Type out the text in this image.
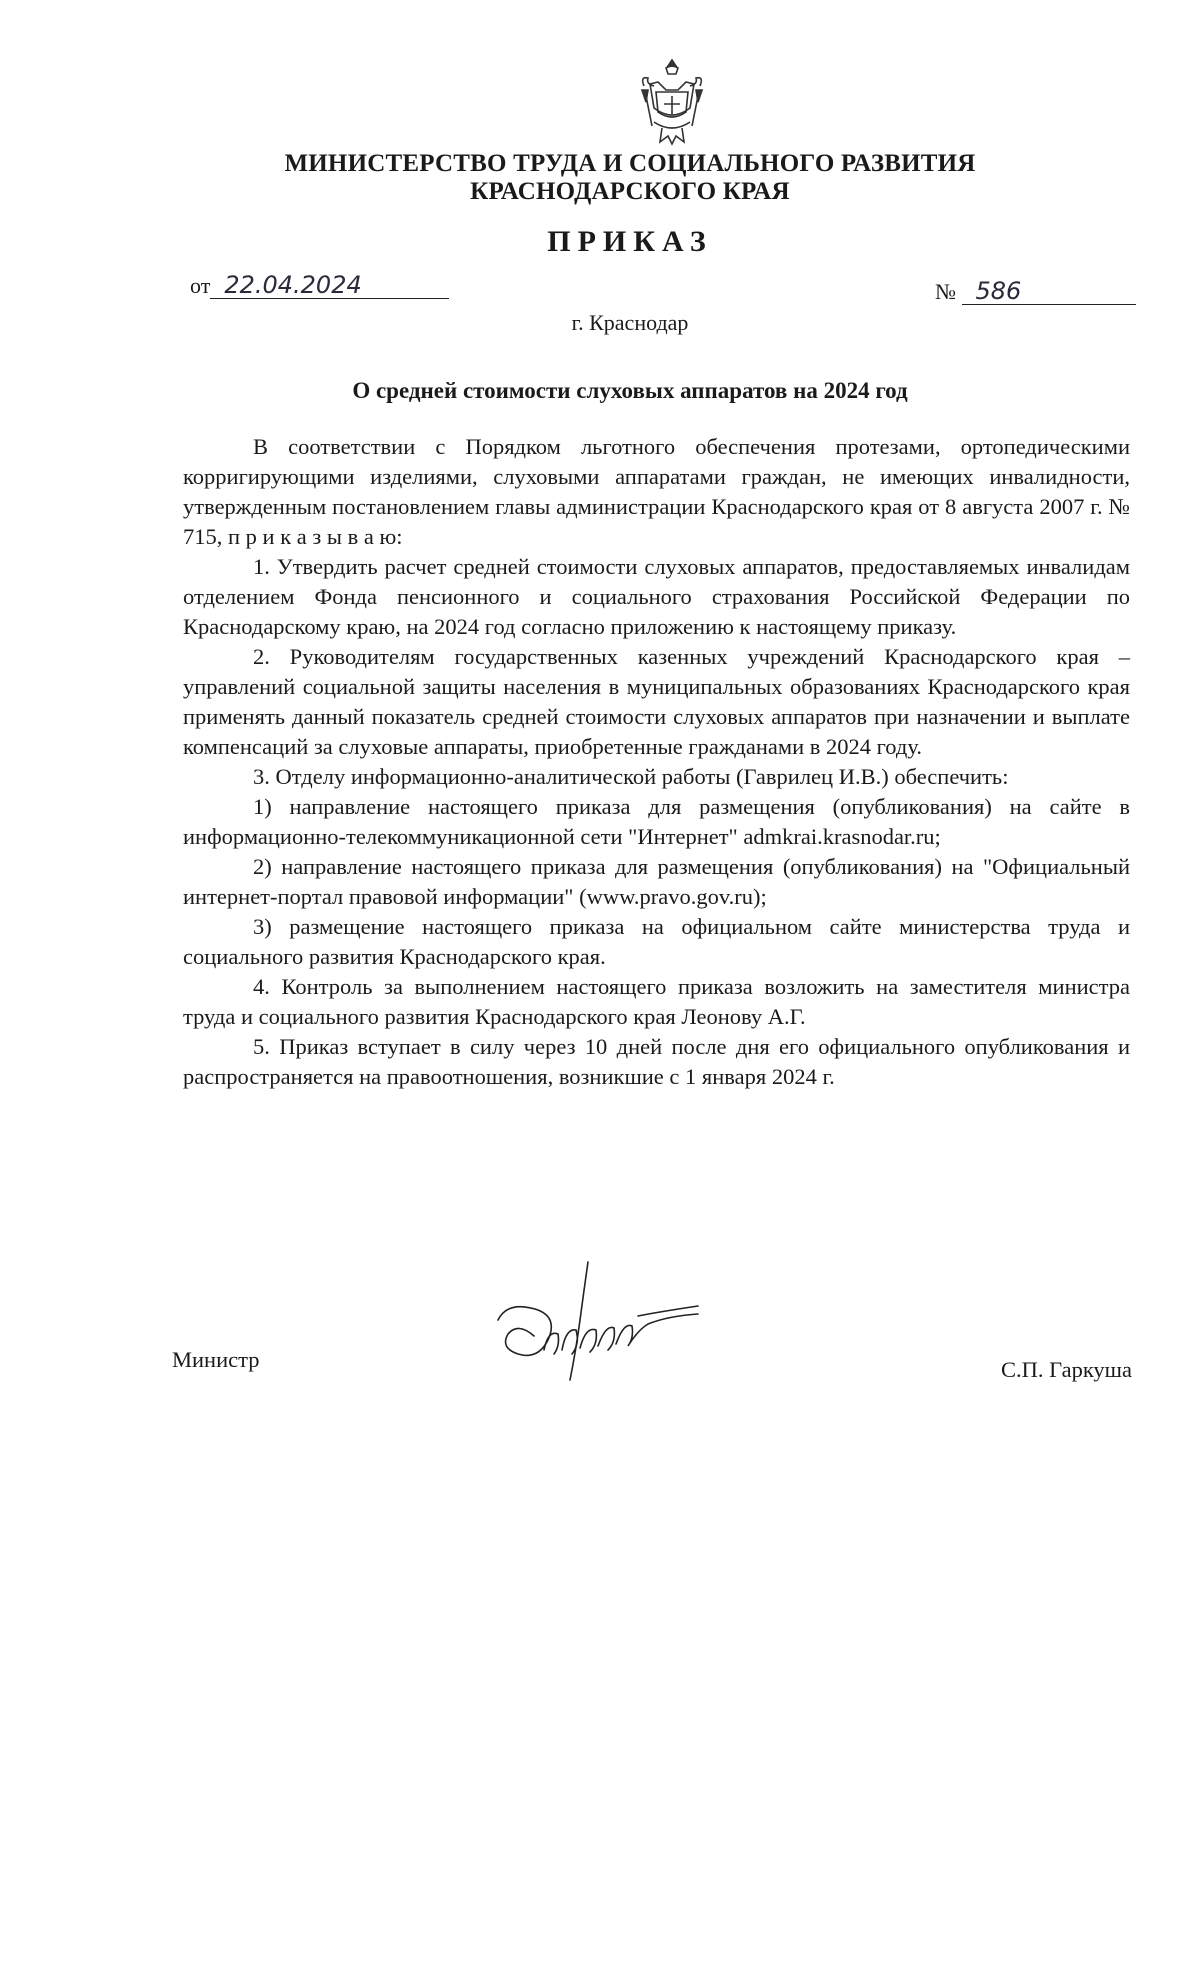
МИНИСТЕРСТВО ТРУДА И СОЦИАЛЬНОГО РАЗВИТИЯ
КРАСНОДАРСКОГО КРАЯ
ПРИКАЗ
от 22.04.2024	№ 586
г. Краснодар
О средней стоимости слуховых аппаратов на 2024 год

В соответствии с Порядком льготного обеспечения протезами, ортопедическими корригирующими изделиями, слуховыми аппаратами граждан, не имеющих инвалидности, утвержденным постановлением главы администрации Краснодарского края от 8 августа 2007 г. № 715, п р и к а з ы в а ю:

1. Утвердить расчет средней стоимости слуховых аппаратов, предоставляемых инвалидам отделением Фонда пенсионного и социального страхования Российской Федерации по Краснодарскому краю, на 2024 год согласно приложению к настоящему приказу.

2. Руководителям государственных казенных учреждений Краснодарского края – управлений социальной защиты населения в муниципальных образованиях Краснодарского края применять данный показатель средней стоимости слуховых аппаратов при назначении и выплате компенсаций за слуховые аппараты, приобретенные гражданами в 2024 году.

3. Отделу информационно-аналитической работы (Гаврилец И.В.) обеспечить:

1) направление настоящего приказа для размещения (опубликования) на сайте в информационно-телекоммуникационной сети "Интернет" admkrai.krasnodar.ru;

2) направление настоящего приказа для размещения (опубликования) на "Официальный интернет-портал правовой информации" (www.pravo.gov.ru);

3) размещение настоящего приказа на официальном сайте министерства труда и социального развития Краснодарского края.

4. Контроль за выполнением настоящего приказа возложить на заместителя министра труда и социального развития Краснодарского края Леонову А.Г.

5. Приказ вступает в силу через 10 дней после дня его официального опубликования и распространяется на правоотношения, возникшие с 1 января 2024 г.

Министр	С.П. Гаркуша
